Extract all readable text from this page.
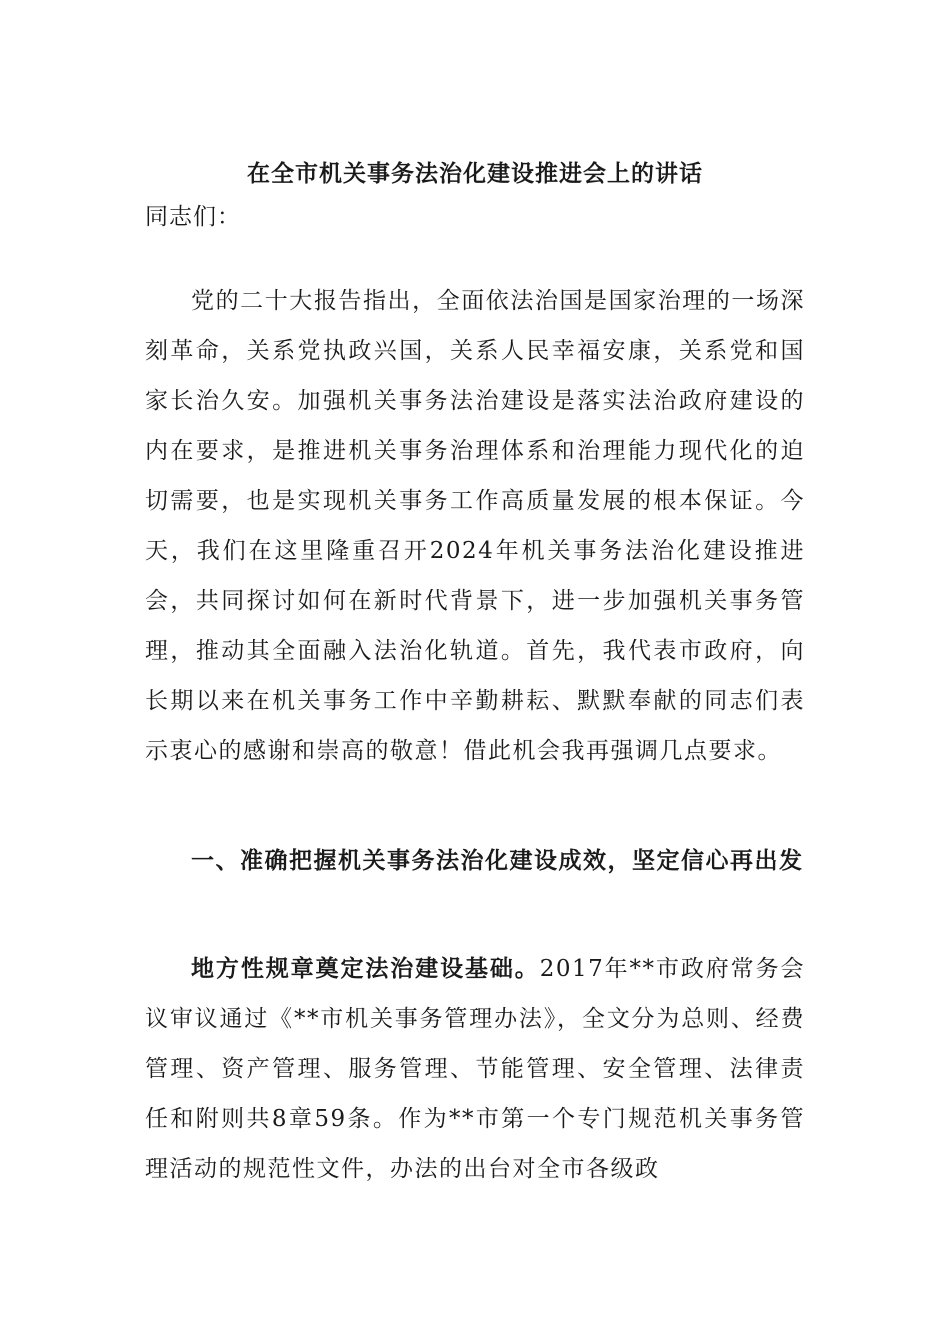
在全市机关事务法治化建设推进会上的讲话
同志们：
党的二十大报告指出，全面依法治国是国家治理的一场深刻革命，关系党执政兴国，关系人民幸福安康，关系党和国家长治久安。加强机关事务法治建设是落实法治政府建设的内在要求，是推进机关事务治理体系和治理能力现代化的迫切需要，也是实现机关事务工作高质量发展的根本保证。今天，我们在这里隆重召开2024年机关事务法治化建设推进会，共同探讨如何在新时代背景下，进一步加强机关事务管理，推动其全面融入法治化轨道。首先，我代表市政府，向长期以来在机关事务工作中辛勤耕耘、默默奉献的同志们表示衷心的感谢和崇高的敬意！借此机会我再强调几点要求。
一、准确把握机关事务法治化建设成效，坚定信心再出发
地方性规章奠定法治建设基础。2017年**市政府常务会议审议通过《**市机关事务管理办法》，全文分为总则、经费管理、资产管理、服务管理、节能管理、安全管理、法律责任和附则共8章59条。作为**市第一个专门规范机关事务管理活动的规范性文件，办法的出台对全市各级政
